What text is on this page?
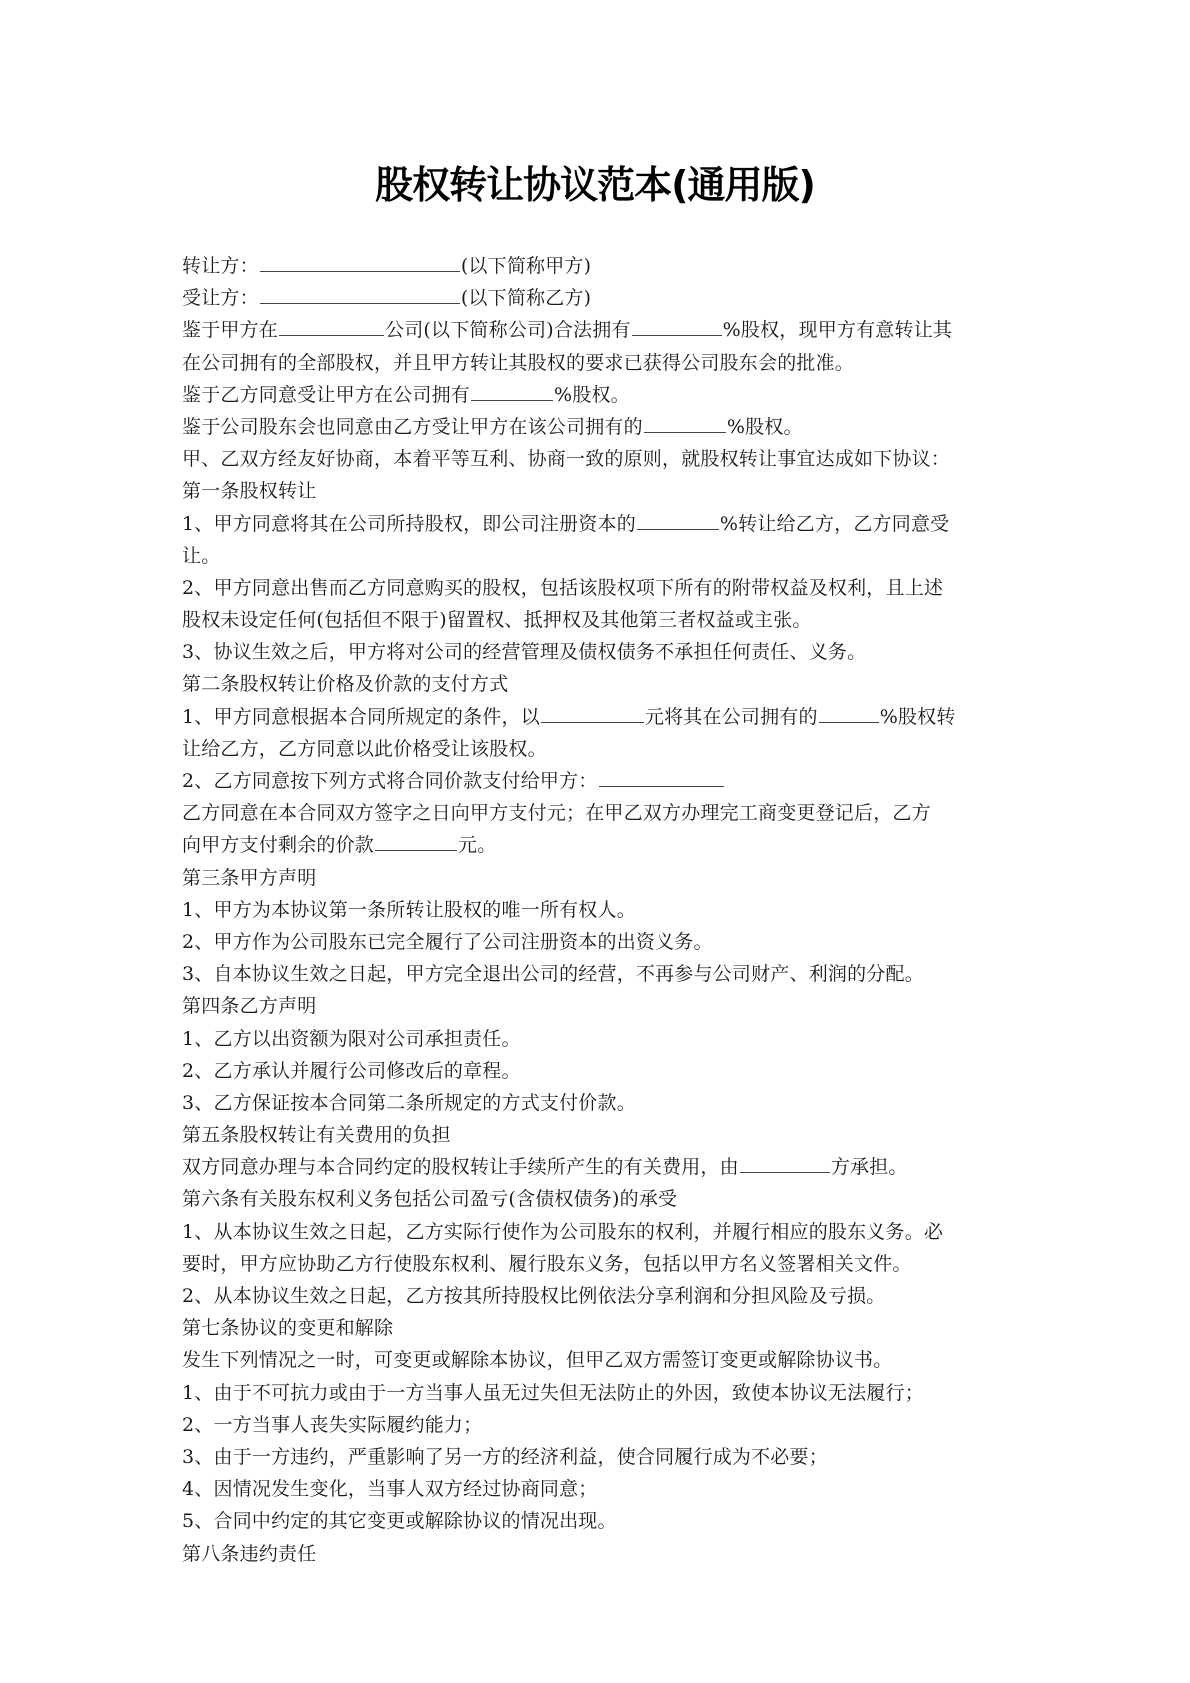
股权转让协议范本(通用版)
转让方：	(以下简称甲方)
受让方：	(以下简称乙方)
鉴于甲方在	公司(以下简称公司)合法拥有	%股权，现甲方有意转让其
在公司拥有的全部股权，并且甲方转让其股权的要求已获得公司股东会的批准。
鉴于乙方同意受让甲方在公司拥有	%股权。
鉴于公司股东会也同意由乙方受让甲方在该公司拥有的	%股权。
甲、乙双方经友好协商，本着平等互利、协商一致的原则，就股权转让事宜达成如下协议：
第一条股权转让
1、甲方同意将其在公司所持股权，即公司注册资本的	%转让给乙方，乙方同意受
让。
2、甲方同意出售而乙方同意购买的股权，包括该股权项下所有的附带权益及权利，且上述
股权未设定任何(包括但不限于)留置权、抵押权及其他第三者权益或主张。
3、协议生效之后，甲方将对公司的经营管理及债权债务不承担任何责任、义务。
第二条股权转让价格及价款的支付方式
1、甲方同意根据本合同所规定的条件，以	元将其在公司拥有的	%股权转
让给乙方，乙方同意以此价格受让该股权。
2、乙方同意按下列方式将合同价款支付给甲方：
乙方同意在本合同双方签字之日向甲方支付元；在甲乙双方办理完工商变更登记后，乙方
向甲方支付剩余的价款	元。
第三条甲方声明
1、甲方为本协议第一条所转让股权的唯一所有权人。
2、甲方作为公司股东已完全履行了公司注册资本的出资义务。
3、自本协议生效之日起，甲方完全退出公司的经营，不再参与公司财产、利润的分配。
第四条乙方声明
1、乙方以出资额为限对公司承担责任。
2、乙方承认并履行公司修改后的章程。
3、乙方保证按本合同第二条所规定的方式支付价款。
第五条股权转让有关费用的负担
双方同意办理与本合同约定的股权转让手续所产生的有关费用，由	方承担。
第六条有关股东权利义务包括公司盈亏(含债权债务)的承受
1、从本协议生效之日起，乙方实际行使作为公司股东的权利，并履行相应的股东义务。必
要时，甲方应协助乙方行使股东权利、履行股东义务，包括以甲方名义签署相关文件。
2、从本协议生效之日起，乙方按其所持股权比例依法分享利润和分担风险及亏损。
第七条协议的变更和解除
发生下列情况之一时，可变更或解除本协议，但甲乙双方需签订变更或解除协议书。
1、由于不可抗力或由于一方当事人虽无过失但无法防止的外因，致使本协议无法履行；
2、一方当事人丧失实际履约能力；
3、由于一方违约，严重影响了另一方的经济利益，使合同履行成为不必要；
4、因情况发生变化，当事人双方经过协商同意；
5、合同中约定的其它变更或解除协议的情况出现。
第八条违约责任
